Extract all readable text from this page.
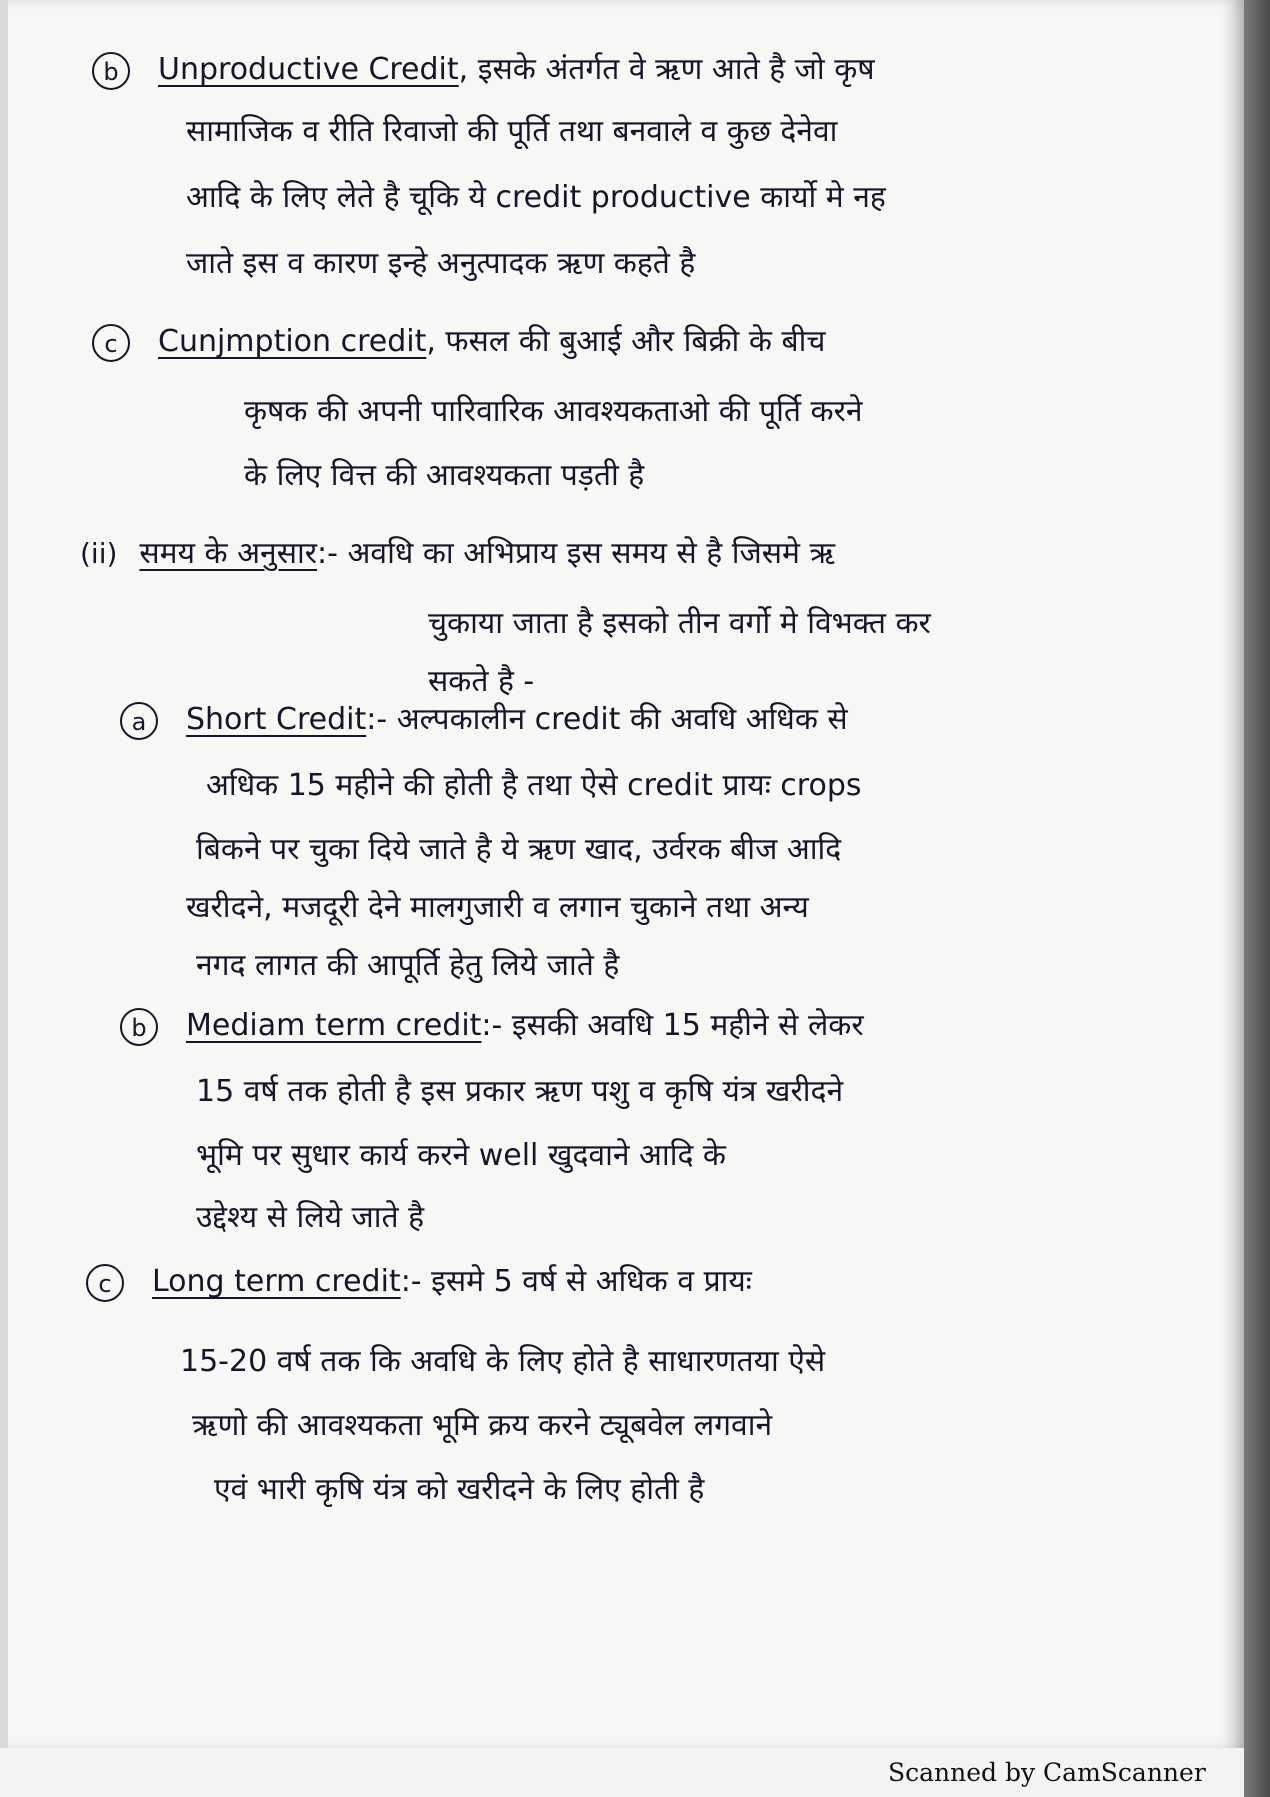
b Unproductive Credit, इसके अंतर्गत वे ऋण आते है जो कृष
सामाजिक व रीति रिवाजो की पूर्ति तथा बनवाले व कुछ देनेवा
आदि के लिए लेते है चूकि ये credit productive कार्यो मे नह
जाते इस व कारण इन्हे अनुत्पादक ऋण कहते है
c Cunjmption credit, फसल की बुआई और बिक्री के बीच
कृषक की अपनी पारिवारिक आवश्यकताओ की पूर्ति करने
के लिए वित्त की आवश्यकता पड़ती है
(ii) समय के अनुसार:- अवधि का अभिप्राय इस समय से है जिसमे ऋ
चुकाया जाता है इसको तीन वर्गो मे विभक्त कर
सकते है -
a Short Credit:- अल्पकालीन credit की अवधि अधिक से
अधिक 15 महीने की होती है तथा ऐसे credit प्रायः crops
बिकने पर चुका दिये जाते है ये ऋण खाद, उर्वरक बीज आदि
खरीदने, मजदूरी देने मालगुजारी व लगान चुकाने तथा अन्य
नगद लागत की आपूर्ति हेतु लिये जाते है
b Mediam term credit:- इसकी अवधि 15 महीने से लेकर
15 वर्ष तक होती है इस प्रकार ऋण पशु व कृषि यंत्र खरीदने
भूमि पर सुधार कार्य करने well खुदवाने आदि के
उद्देश्य से लिये जाते है
c Long term credit:- इसमे 5 वर्ष से अधिक व प्रायः
15-20 वर्ष तक कि अवधि के लिए होते है साधारणतया ऐसे
ऋणो की आवश्यकता भूमि क्रय करने ट्यूबवेल लगवाने
एवं भारी कृषि यंत्र को खरीदने के लिए होती है
Scanned by CamScanner
